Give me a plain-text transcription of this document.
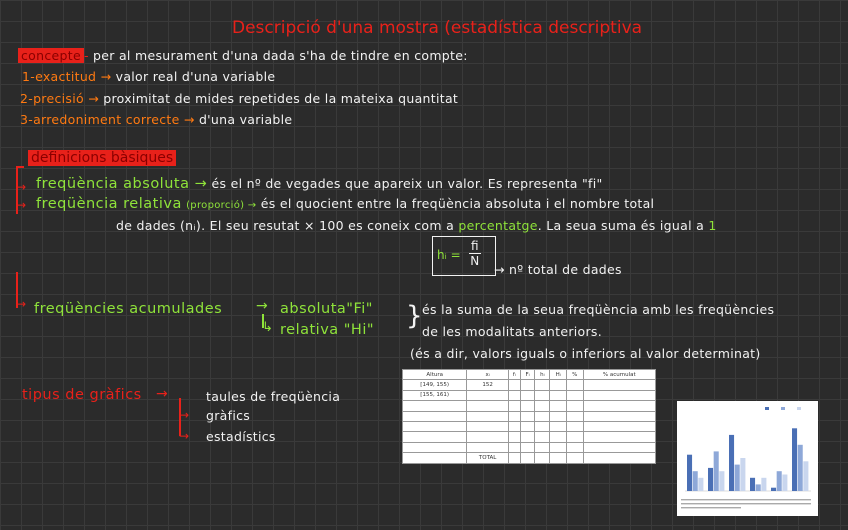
Descripció d'una mostra (estadística descriptiva
concepte - per al mesurament d'una dada s'ha de tindre en compte:
1-exactitud → valor real d'una variable
2-precisió → proximitat de mides repetides de la mateixa quantitat
3-arredoniment correcte → d'una variable
definicions bàsiques
→
→
freqüència absoluta → és el nº de vegades que apareix un valor. Es representa "fi"
freqüència relativa (proporció) → és el quocient entre la freqüència absoluta i el nombre total
de dades (nᵢ). El seu resutat × 100 es coneix com a percentatge. La seua suma és igual a 1
hᵢ = $\frac{fi}{N}$
→ nº total de dades
→ freqüències acumulades → absoluta"Fi"
↳ relativa "Hi" } és la suma de la seua freqüència amb les freqüències
de les modalitats anteriors.
(és a dir, valors iguals o inferiors al valor determinat)
tipus de gràfics →
→
→
taules de freqüència
gràfics
estadístics
Altura	xᵢ	fᵢ	Fᵢ	hᵢ	Hᵢ	%	% acumulat
[149, 155)	152						
[155, 161)							

	TOTAL						
